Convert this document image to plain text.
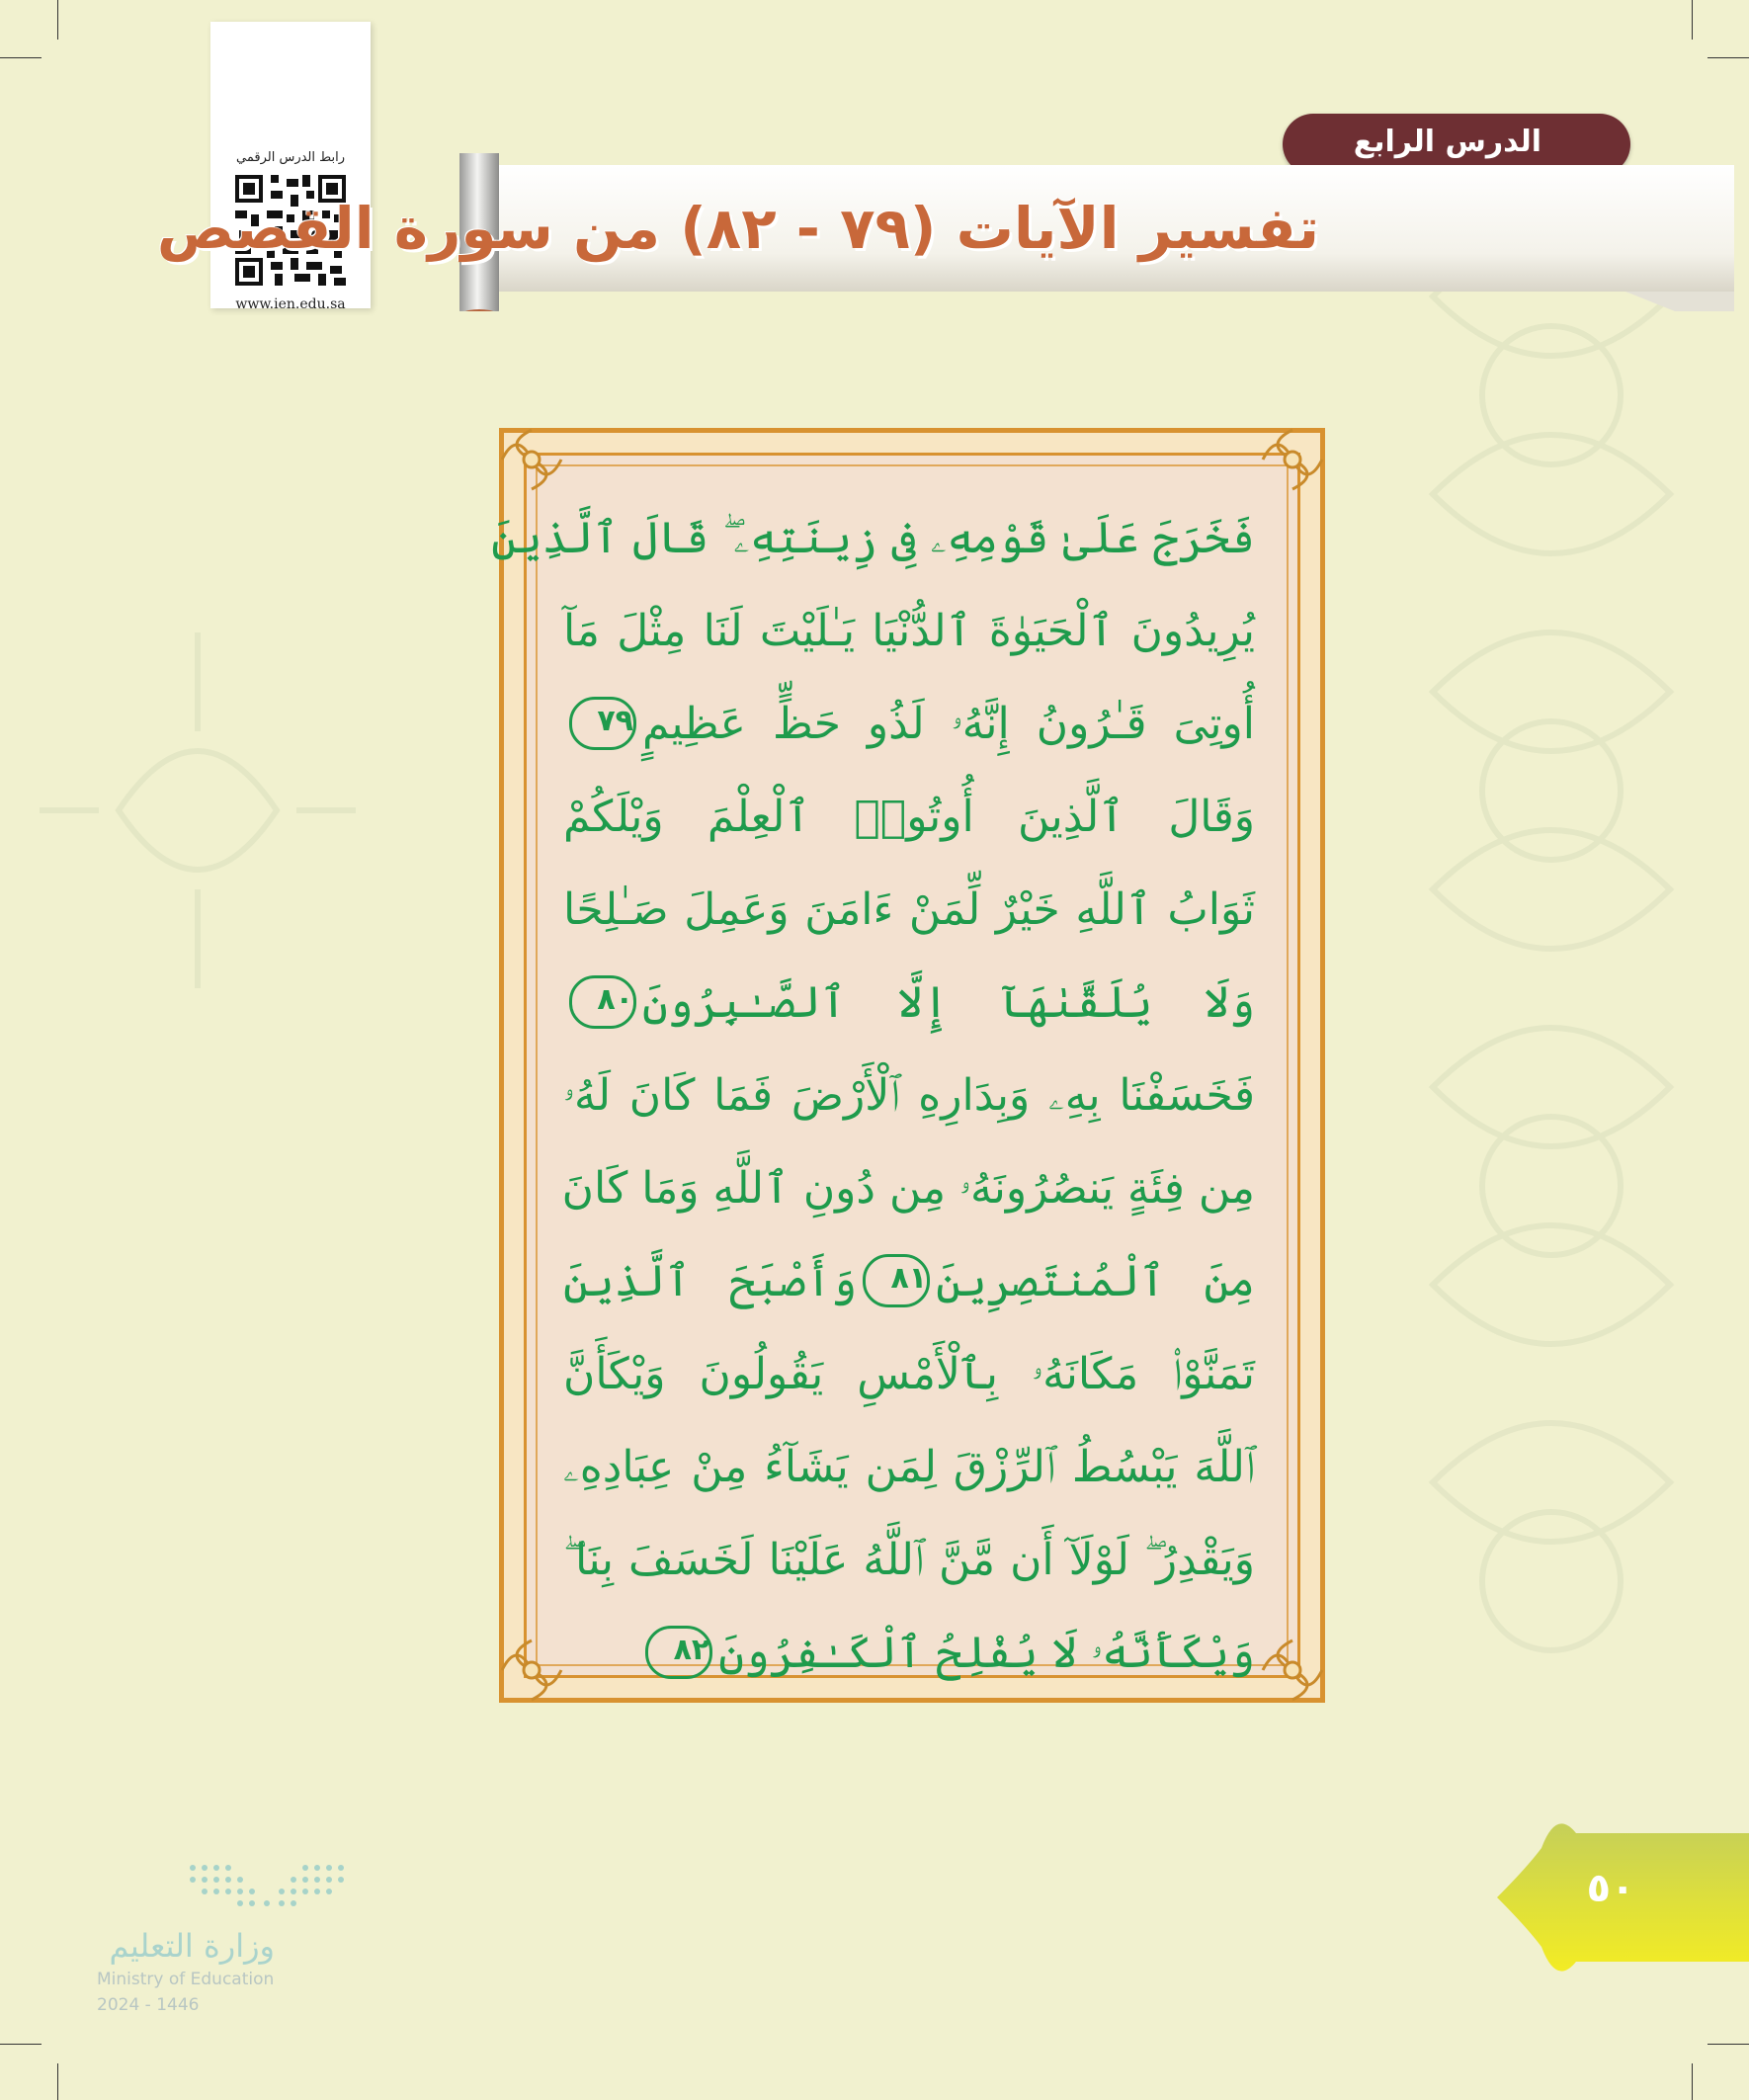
رابط الدرس الرقمي
www.ien.edu.sa
الدرس الرابع
تفسير الآيات (٧٩ - ٨٢) من سورة القصص
فَخَرَجَ عَلَىٰ قَوْمِهِۦ فِى زِينَتِهِۦ ۖ قَالَ ٱلَّذِينَ
يُرِيدُونَ ٱلْحَيَوٰةَ ٱلدُّنْيَا يَـٰلَيْتَ لَنَا مِثْلَ مَآ
أُوتِىَ قَـٰرُونُ إِنَّهُۥ لَذُو حَظٍّ عَظِيمٍ٧٩
وَقَالَ ٱلَّذِينَ أُوتُوا۟ ٱلْعِلْمَ وَيْلَكُمْ
ثَوَابُ ٱللَّهِ خَيْرٌ لِّمَنْ ءَامَنَ وَعَمِلَ صَـٰلِحًا
وَلَا يُلَقَّىٰهَآ إِلَّا ٱلصَّـٰبِرُونَ٨٠
فَخَسَفْنَا بِهِۦ وَبِدَارِهِ ٱلْأَرْضَ فَمَا كَانَ لَهُۥ
مِن فِئَةٍ يَنصُرُونَهُۥ مِن دُونِ ٱللَّهِ وَمَا كَانَ
مِنَ ٱلْمُنتَصِرِينَ٨١وَأَصْبَحَ ٱلَّذِينَ
تَمَنَّوْا۟ مَكَانَهُۥ بِٱلْأَمْسِ يَقُولُونَ وَيْكَأَنَّ
ٱللَّهَ يَبْسُطُ ٱلرِّزْقَ لِمَن يَشَآءُ مِنْ عِبَادِهِۦ
وَيَقْدِرُ ۖ لَوْلَآ أَن مَّنَّ ٱللَّهُ عَلَيْنَا لَخَسَفَ بِنَا ۖ
وَيْكَأَنَّهُۥ لَا يُفْلِحُ ٱلْكَـٰفِرُونَ٨٢
٥٠
وزارة التعليم
Ministry of Education
2024 - 1446
